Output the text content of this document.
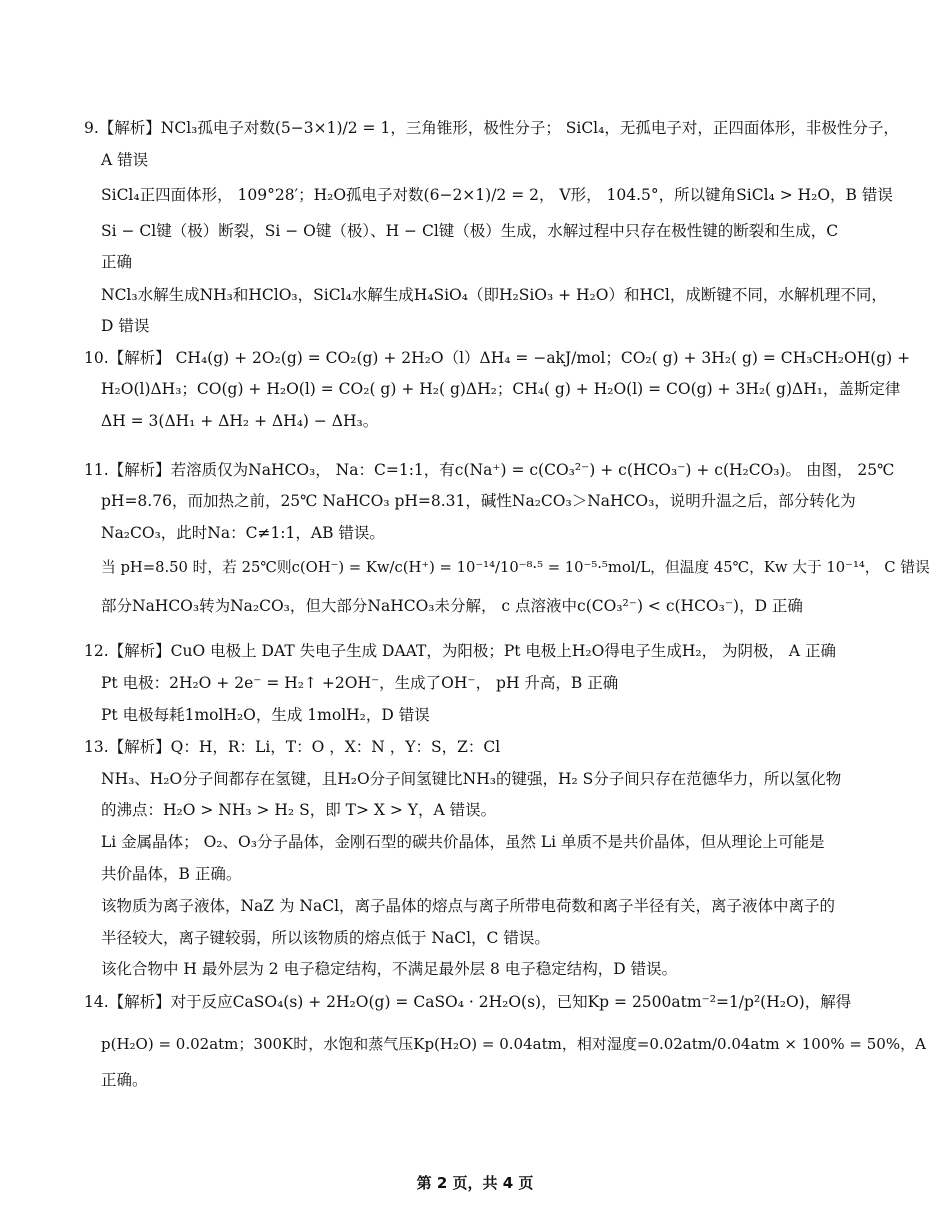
9.【解析】NCl₃孤电子对数(5−3×1)/2 = 1，三角锥形，极性分子； SiCl₄，无孤电子对，正四面体形，非极性分子，
A 错误
SiCl₄正四面体形， 109°28′；H₂O孤电子对数(6−2×1)/2 = 2， V形， 104.5°，所以键角SiCl₄ > H₂O，B 错误
Si − Cl键（极）断裂，Si − O键（极）、H − Cl键（极）生成，水解过程中只存在极性键的断裂和生成，C
正确
NCl₃水解生成NH₃和HClO₃，SiCl₄水解生成H₄SiO₄（即H₂SiO₃ + H₂O）和HCl，成断键不同，水解机理不同，
D 错误
10.【解析】 CH₄(g) + 2O₂(g) = CO₂(g) + 2H₂O（l）ΔH₄ = −akJ/mol；CO₂( g) + 3H₂( g) = CH₃CH₂OH(g) +
H₂O(l)ΔH₃；CO(g) + H₂O(l) = CO₂( g) + H₂( g)ΔH₂；CH₄( g) + H₂O(l) = CO(g) + 3H₂( g)ΔH₁，盖斯定律
ΔH = 3(ΔH₁ + ΔH₂ + ΔH₄) − ΔH₃。
11.【解析】若溶质仅为NaHCO₃， Na：C=1:1，有c(Na⁺) = c(CO₃²⁻) + c(HCO₃⁻) + c(H₂CO₃)。 由图， 25℃
pH=8.76，而加热之前，25℃ NaHCO₃ pH=8.31，碱性Na₂CO₃＞NaHCO₃，说明升温之后，部分转化为
Na₂CO₃，此时Na：C≠1:1，AB 错误。
当 pH=8.50 时，若 25℃则c(OH⁻) = Kw/c(H⁺) = 10⁻¹⁴/10⁻⁸·⁵ = 10⁻⁵·⁵mol/L，但温度 45℃，Kw 大于 10⁻¹⁴， C 错误
部分NaHCO₃转为Na₂CO₃，但大部分NaHCO₃未分解， c 点溶液中c(CO₃²⁻) < c(HCO₃⁻)，D 正确
12.【解析】CuO 电极上 DAT 失电子生成 DAAT，为阳极；Pt 电极上H₂O得电子生成H₂， 为阴极， A 正确
Pt 电极：2H₂O + 2e⁻ = H₂↑ +2OH⁻，生成了OH⁻， pH 升高，B 正确
Pt 电极每耗1molH₂O，生成 1molH₂，D 错误
13.【解析】Q：H，R：Li，T：O ，X：N ，Y：S，Z：Cl
NH₃、H₂O分子间都存在氢键，且H₂O分子间氢键比NH₃的键强，H₂ S分子间只存在范德华力，所以氢化物
的沸点：H₂O > NH₃ > H₂ S，即 T> X > Y，A 错误。
Li 金属晶体； O₂、O₃分子晶体，金刚石型的碳共价晶体，虽然 Li 单质不是共价晶体，但从理论上可能是
共价晶体，B 正确。
该物质为离子液体，NaZ 为 NaCl，离子晶体的熔点与离子所带电荷数和离子半径有关，离子液体中离子的
半径较大，离子键较弱，所以该物质的熔点低于 NaCl，C 错误。
该化合物中 H 最外层为 2 电子稳定结构，不满足最外层 8 电子稳定结构，D 错误。
14.【解析】对于反应CaSO₄(s) + 2H₂O(g) = CaSO₄ · 2H₂O(s)，已知Kp = 2500atm⁻²=1/p²(H₂O)，解得
p(H₂O) = 0.02atm；300K时，水饱和蒸气压Kp(H₂O) = 0.04atm，相对湿度=0.02atm/0.04atm × 100% = 50%，A
正确。
第 2 页，共 4 页
